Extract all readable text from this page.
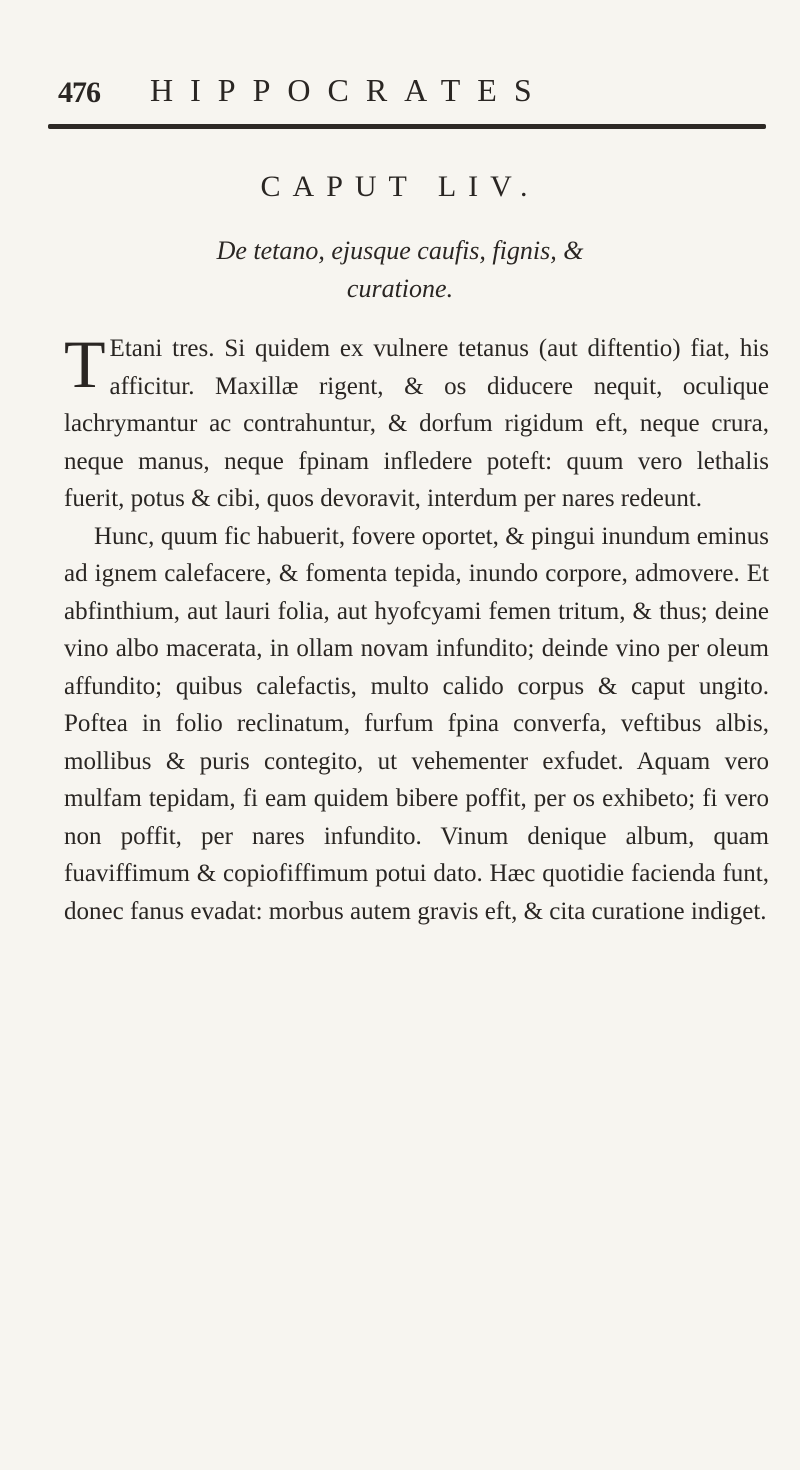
476 HIPPOCRATES
CAPUT LIV.
De tetano, ejusque caufis, fignis, &
curatione.

T Etani tres. Si quidem ex vulnere tetanus (aut diftentio) fiat, his afficitur. Maxillæ rigent, & os diducere nequit, oculique lachrymantur ac contrahuntur, & dorfum rigidum eft, neque crura, neque manus, neque fpinam infledere poteft: quum vero lethalis fuerit, potus & cibi, quos devoravit, interdum per nares redeunt.

Hunc, quum fic habuerit, fovere oportet, & pingui inundum eminus ad ignem calefacere, & fomenta tepida, inundo corpore, admovere. Et abfinthium, aut lauri folia, aut hyofcyami femen tritum, & thus; deine vino albo macerata, in ollam novam infundito; deinde vino per oleum affundito; quibus calefactis, multo calido corpus & caput ungito. Poftea in folio reclinatum, furfum fpina converfa, veftibus albis, mollibus & puris contegito, ut vehementer exfudet. Aquam vero mulfam tepidam, fi eam quidem bibere poffit, per os exhibeto; fi vero non poffit, per nares infundito. Vinum denique album, quam fuaviffimum & copiofiffimum potui dato. Hæc quotidie facienda funt, donec fanus evadat: morbus autem gravis eft, & cita curatione indiget.
